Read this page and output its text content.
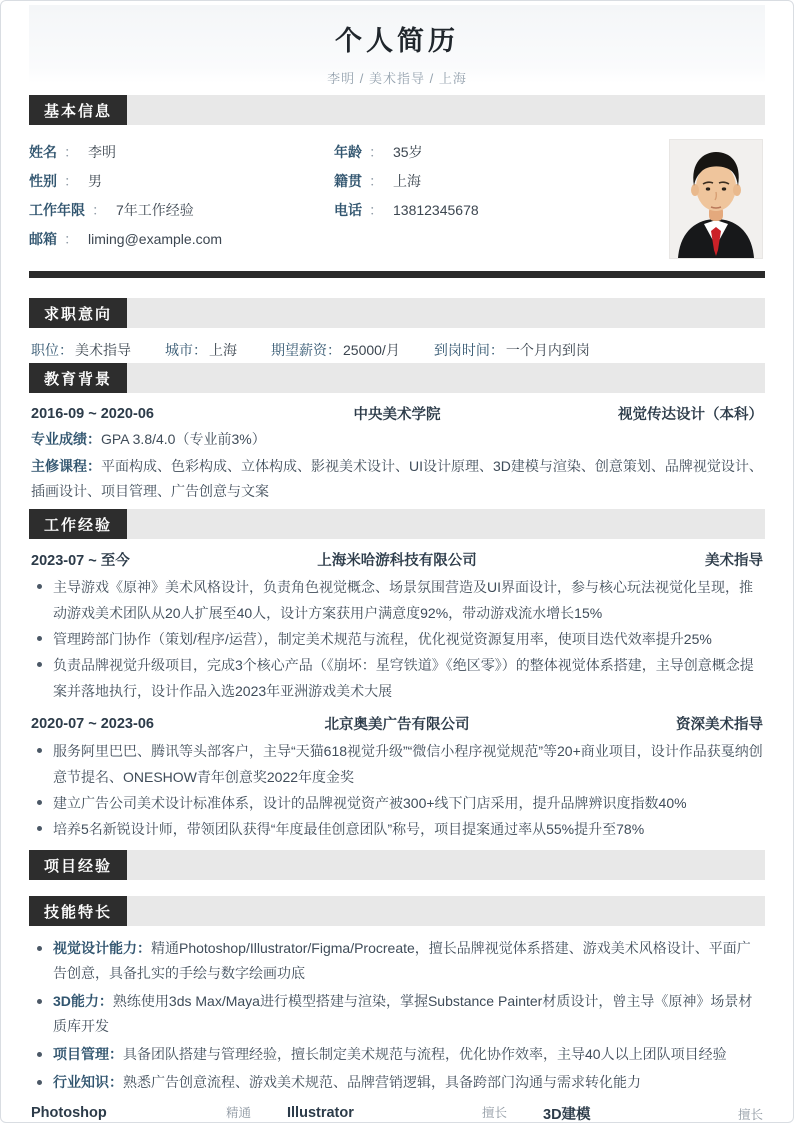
个人简历
李明 / 美术指导 / 上海
基本信息
姓名 ： 李明	年龄 ： 35岁
性别 ： 男	籍贯 ： 上海
工作年限 ： 7年工作经验	电话 ： 13812345678
邮箱 ： liming@example.com
求职意向
职位： 美术指导 城市： 上海 期望薪资： 25000/月 到岗时间： 一个月内到岗
教育背景
2016-09 ~ 2020-06	中央美术学院	视觉传达设计（本科）
专业成绩：GPA 3.8/4.0（专业前3%）
主修课程：平面构成、色彩构成、立体构成、影视美术设计、UI设计原理、3D建模与渲染、创意策划、品牌视觉设计、插画设计、项目管理、广告创意与文案
工作经验
2023-07 ~ 至今	上海米哈游科技有限公司	美术指导
主导游戏《原神》美术风格设计，负责角色视觉概念、场景氛围营造及UI界面设计，参与核心玩法视觉化呈现，推动游戏美术团队从20人扩展至40人，设计方案获用户满意度92%，带动游戏流水增长15%
管理跨部门协作（策划/程序/运营），制定美术规范与流程，优化视觉资源复用率，使项目迭代效率提升25%
负责品牌视觉升级项目，完成3个核心产品（《崩坏：星穹铁道》《绝区零》）的整体视觉体系搭建，主导创意概念提案并落地执行，设计作品入选2023年亚洲游戏美术大展
2020-07 ~ 2023-06	北京奥美广告有限公司	资深美术指导
服务阿里巴巴、腾讯等头部客户，主导“天猫618视觉升级”“微信小程序视觉规范”等20+商业项目，设计作品获戛纳创意节提名、ONESHOW青年创意奖2022年度金奖
建立广告公司美术设计标准体系，设计的品牌视觉资产被300+线下门店采用，提升品牌辨识度指数40%
培养5名新锐设计师，带领团队获得“年度最佳创意团队”称号，项目提案通过率从55%提升至78%
项目经验
技能特长
视觉设计能力：精通Photoshop/Illustrator/Figma/Procreate，擅长品牌视觉体系搭建、游戏美术风格设计、平面广告创意，具备扎实的手绘与数字绘画功底
3D能力：熟练使用3ds Max/Maya进行模型搭建与渲染，掌握Substance Painter材质设计，曾主导《原神》场景材质库开发
项目管理：具备团队搭建与管理经验，擅长制定美术规范与流程，优化协作效率，主导40人以上团队项目经验
行业知识：熟悉广告创意流程、游戏美术规范、品牌营销逻辑，具备跨部门沟通与需求转化能力
Photoshop	精通 Illustrator	擅长 3D建模	擅长
